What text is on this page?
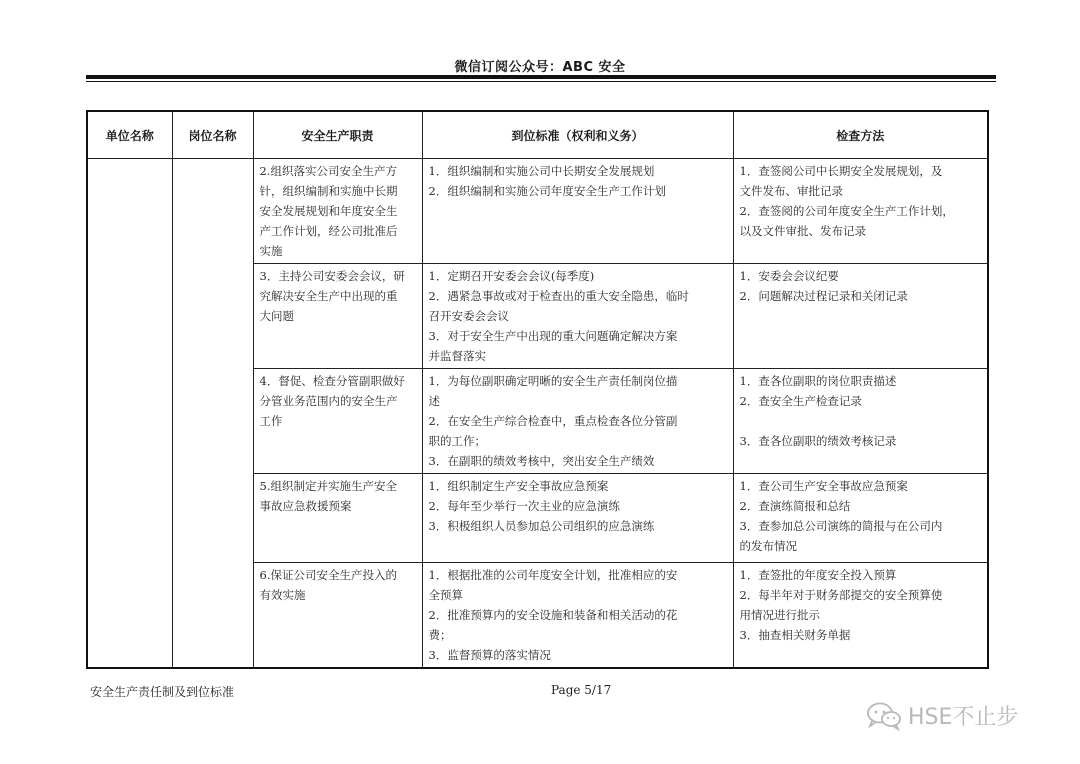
微信订阅公众号：ABC 安全
单位名称	岗位名称	安全生产职责	到位标准（权利和义务）	检查方法

		2.组织落实公司安全生产方
针，组织编制和实施中长期
安全发展规划和年度安全生
产工作计划，经公司批准后
实施	1．组织编制和实施公司中长期安全发展规划
2．组织编制和实施公司年度安全生产工作计划	1．查签阅公司中长期安全发展规划，及
文件发布、审批记录
2．查签阅的公司年度安全生产工作计划，
以及文件审批、发布记录

		3．主持公司安委会会议，研
究解决安全生产中出现的重
大问题	1．定期召开安委会会议(每季度)
2．遇紧急事故或对于检查出的重大安全隐患，临时
召开安委会会议
3．对于安全生产中出现的重大问题确定解决方案
并监督落实	1．安委会会议纪要
2．问题解决过程记录和关闭记录

		4．督促、检查分管副职做好
分管业务范围内的安全生产
工作	1．为每位副职确定明晰的安全生产责任制岗位描
述
2．在安全生产综合检查中，重点检查各位分管副
职的工作；
3．在副职的绩效考核中，突出安全生产绩效	1．查各位副职的岗位职责描述
2．查安全生产检查记录
3．查各位副职的绩效考核记录

		5.组织制定并实施生产安全
事故应急救援预案	1．组织制定生产安全事故应急预案
2．每年至少举行一次主业的应急演练
3．积极组织人员参加总公司组织的应急演练	1．查公司生产安全事故应急预案
2．查演练简报和总结
3．查参加总公司演练的简报与在公司内
的发布情况

		6.保证公司安全生产投入的
有效实施	1．根据批准的公司年度安全计划，批准相应的安
全预算
2．批准预算内的安全设施和装备和相关活动的花
费；
3．监督预算的落实情况	1．查签批的年度安全投入预算
2．每半年对于财务部提交的安全预算使
用情况进行批示
3．抽查相关财务单据
安全生产责任制及到位标准	Page 5/17
HSE不止步
